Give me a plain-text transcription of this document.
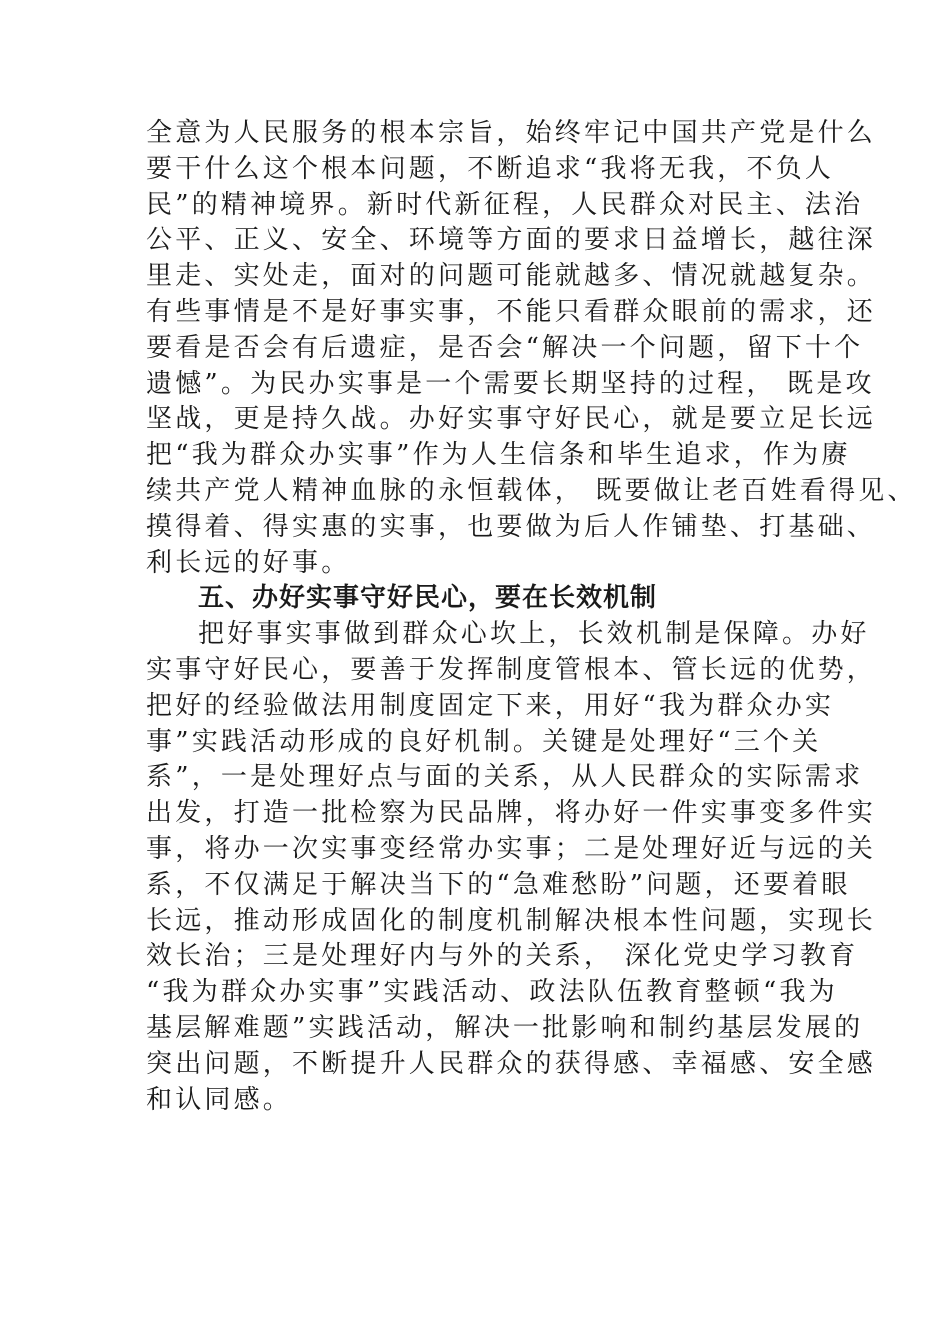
全意为人民服务的根本宗旨，始终牢记中国共产党是什么
要干什么这个根本问题，不断追求“我将无我，不负人
民”的精神境界。新时代新征程，人民群众对民主、法治
公平、正义、安全、环境等方面的要求日益增长，越往深
里走、实处走，面对的问题可能就越多、情况就越复杂。
有些事情是不是好事实事，不能只看群众眼前的需求，还
要看是否会有后遗症，是否会“解决一个问题，留下十个
遗憾”。为民办实事是一个需要长期坚持的过程， 既是攻
坚战，更是持久战。办好实事守好民心，就是要立足长远
把“我为群众办实事”作为人生信条和毕生追求，作为赓
续共产党人精神血脉的永恒载体， 既要做让老百姓看得见、
摸得着、得实惠的实事，也要做为后人作铺垫、打基础、
利长远的好事。
五、办好实事守好民心，要在长效机制
把好事实事做到群众心坎上，长效机制是保障。办好
实事守好民心，要善于发挥制度管根本、管长远的优势，
把好的经验做法用制度固定下来，用好“我为群众办实
事”实践活动形成的良好机制。关键是处理好“三个关
系”，一是处理好点与面的关系，从人民群众的实际需求
出发，打造一批检察为民品牌，将办好一件实事变多件实
事，将办一次实事变经常办实事；二是处理好近与远的关
系，不仅满足于解决当下的“急难愁盼”问题，还要着眼
长远，推动形成固化的制度机制解决根本性问题，实现长
效长治；三是处理好内与外的关系， 深化党史学习教育
“我为群众办实事”实践活动、政法队伍教育整顿“我为
基层解难题”实践活动，解决一批影响和制约基层发展的
突出问题，不断提升人民群众的获得感、幸福感、安全感
和认同感。
